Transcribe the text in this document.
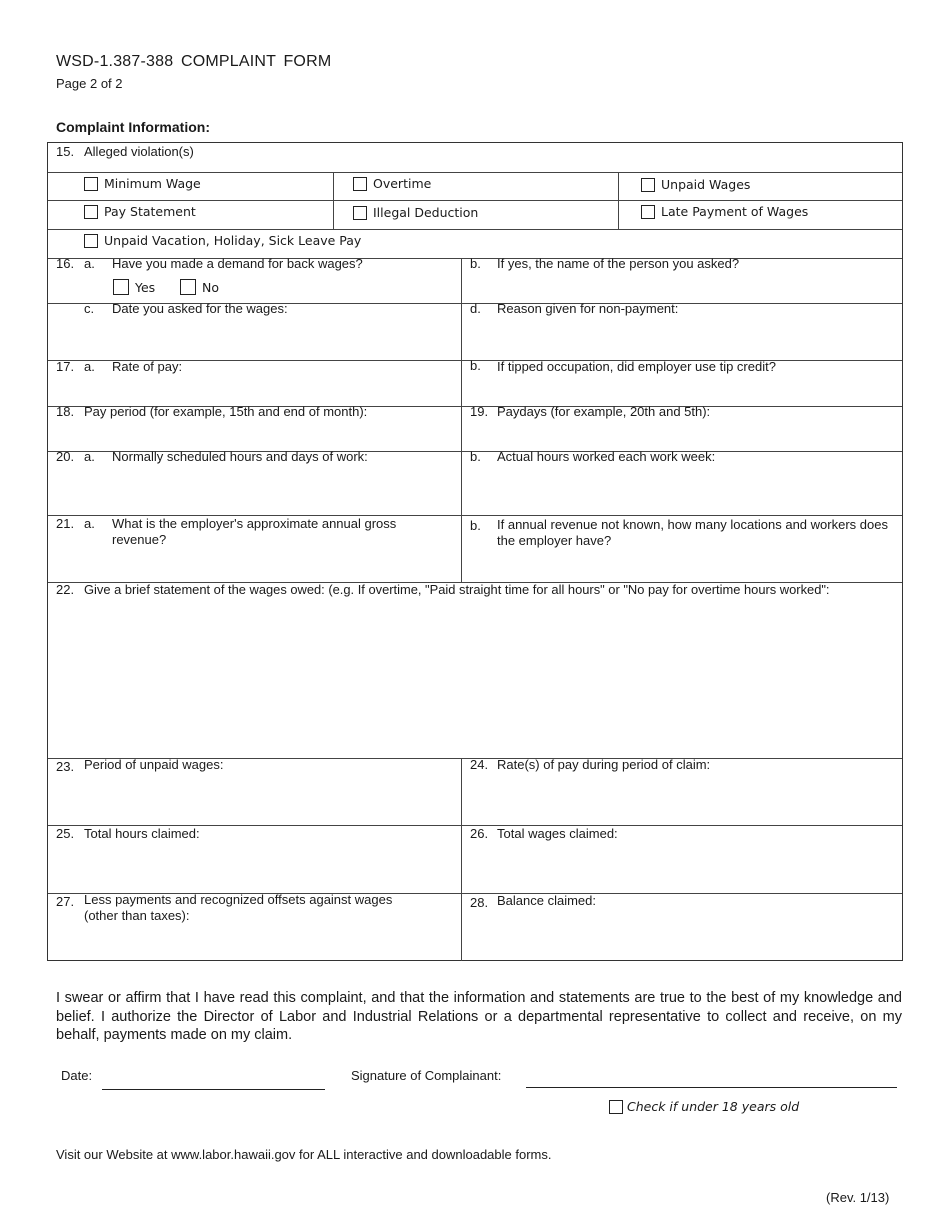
WSD-1.387-388 COMPLAINT FORM
Page 2 of 2
Complaint Information:
15. Alleged violation(s)
Minimum Wage	Overtime	Unpaid Wages
Pay Statement	Illegal Deduction	Late Payment of Wages
Unpaid Vacation, Holiday, Sick Leave Pay
16. a. Have you made a demand for back wages?
Yes	No
b. If yes, the name of the person you asked?
c. Date you asked for the wages:	d. Reason given for non-payment:
17. a. Rate of pay:	b. If tipped occupation, did employer use tip credit?
18. Pay period (for example, 15th and end of month):	19. Paydays (for example, 20th and 5th):
20. a. Normally scheduled hours and days of work:	b. Actual hours worked each work week:
21. a. What is the employer's approximate annual gross revenue?
b. If annual revenue not known, how many locations and workers does the employer have?
22. Give a brief statement of the wages owed: (e.g. If overtime, "Paid straight time for all hours" or "No pay for overtime hours worked":
23. Period of unpaid wages:	24. Rate(s) of pay during period of claim:
25. Total hours claimed:	26. Total wages claimed:
27. Less payments and recognized offsets against wages (other than taxes):
28. Balance claimed:
I swear or affirm that I have read this complaint, and that the information and statements are true to the best of my knowledge and belief. I authorize the Director of Labor and Industrial Relations or a departmental representative to collect and receive, on my behalf, payments made on my claim.
Date:	Signature of Complainant:
Check if under 18 years old
Visit our Website at www.labor.hawaii.gov for ALL interactive and downloadable forms.
(Rev. 1/13)
